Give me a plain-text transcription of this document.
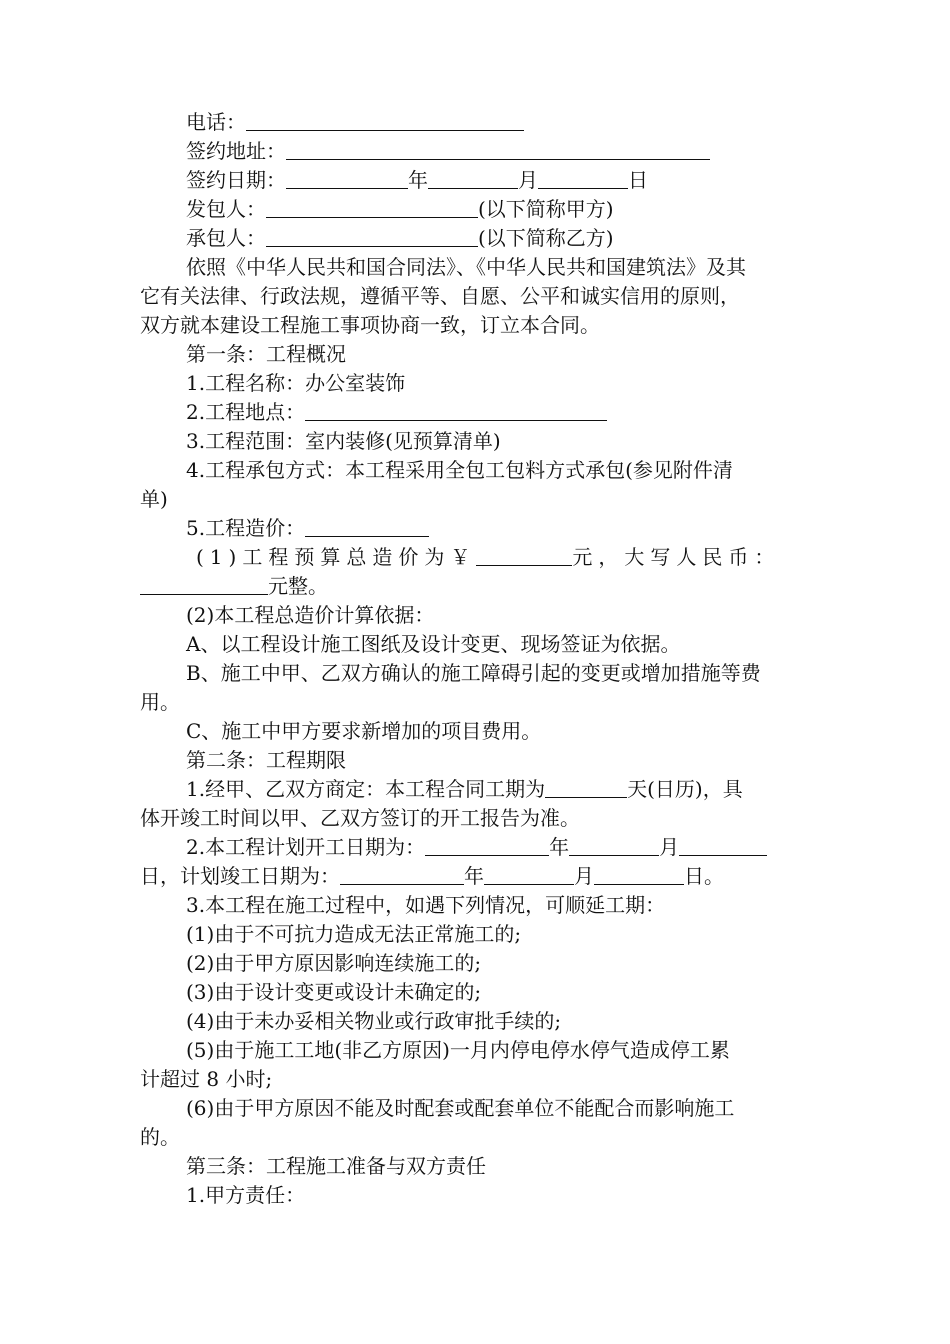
电话：
签约地址：
签约日期：	年	月	日
发包人：	(以下简称甲方)
承包人：	(以下简称乙方)
依照《中华人民共和国合同法》、《中华人民共和国建筑法》及其
它有关法律、行政法规，遵循平等、自愿、公平和诚实信用的原则，
双方就本建设工程施工事项协商一致，订立本合同。
第一条：工程概况
1.工程名称：办公室装饰
2.工程地点：
3.工程范围：室内装修(见预算清单)
4.工程承包方式：本工程采用全包工包料方式承包(参见附件清
单)
5.工程造价：
(1)工程预算总造价为￥	元，大写人民币：
元整。
(2)本工程总造价计算依据：
A、以工程设计施工图纸及设计变更、现场签证为依据。
B、施工中甲、乙双方确认的施工障碍引起的变更或增加措施等费
用。
C、施工中甲方要求新增加的项目费用。
第二条：工程期限
1.经甲、乙双方商定：本工程合同工期为	天(日历)，具
体开竣工时间以甲、乙双方签订的开工报告为准。
2.本工程计划开工日期为：	年	月
日，计划竣工日期为：	年	月	日。
3.本工程在施工过程中，如遇下列情况，可顺延工期：
(1)由于不可抗力造成无法正常施工的;
(2)由于甲方原因影响连续施工的;
(3)由于设计变更或设计未确定的;
(4)由于未办妥相关物业或行政审批手续的;
(5)由于施工工地(非乙方原因)一月内停电停水停气造成停工累
计超过 8 小时;
(6)由于甲方原因不能及时配套或配套单位不能配合而影响施工
的。
第三条：工程施工准备与双方责任
1.甲方责任：
